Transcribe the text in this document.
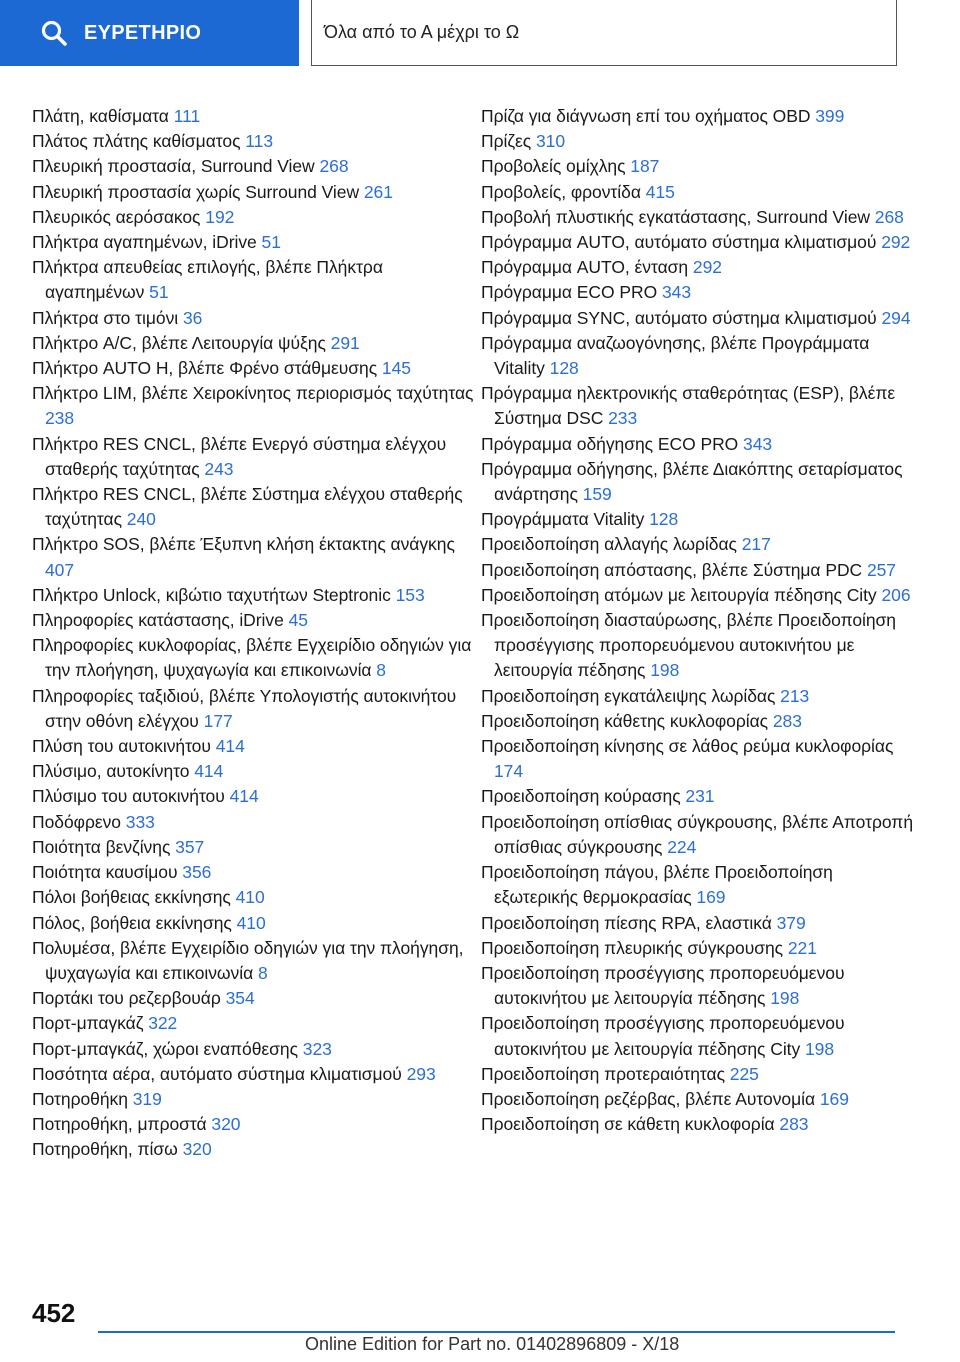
ΕΥΡΕΤΗΡΙΟ	Όλα από το Α μέχρι το Ω
Πλάτη, καθίσματα 111
Πλάτος πλάτης καθίσματος 113
Πλευρική προστασία, Surround View 268
Πλευρική προστασία χωρίς Surround View 261
Πλευρικός αερόσακος 192
Πλήκτρα αγαπημένων, iDrive 51
Πλήκτρα απευθείας επιλογής, βλέπε Πλήκτρα αγαπημένων 51
Πλήκτρα στο τιμόνι 36
Πλήκτρο A/C, βλέπε Λειτουργία ψύξης 291
Πλήκτρο AUTO H, βλέπε Φρένο στάθμευσης 145
Πλήκτρο LIM, βλέπε Χειροκίνητος περιορισμός ταχύτητας 238
Πλήκτρο RES CNCL, βλέπε Ενεργό σύστημα ελέγχου σταθερής ταχύτητας 243
Πλήκτρο RES CNCL, βλέπε Σύστημα ελέγχου σταθερής ταχύτητας 240
Πλήκτρο SOS, βλέπε Έξυπνη κλήση έκτακτης ανάγκης 407
Πλήκτρο Unlock, κιβώτιο ταχυτήτων Steptronic 153
Πληροφορίες κατάστασης, iDrive 45
Πληροφορίες κυκλοφορίας, βλέπε Εγχειρίδιο οδηγιών για την πλοήγηση, ψυχαγωγία και επικοινωνία 8
Πληροφορίες ταξιδιού, βλέπε Υπολογιστής αυτοκινήτου στην οθόνη ελέγχου 177
Πλύση του αυτοκινήτου 414
Πλύσιμο, αυτοκίνητο 414
Πλύσιμο του αυτοκινήτου 414
Ποδόφρενο 333
Ποιότητα βενζίνης 357
Ποιότητα καυσίμου 356
Πόλοι βοήθειας εκκίνησης 410
Πόλος, βοήθεια εκκίνησης 410
Πολυμέσα, βλέπε Εγχειρίδιο οδηγιών για την πλοήγηση, ψυχαγωγία και επικοινωνία 8
Πορτάκι του ρεζερβουάρ 354
Πορτ-μπαγκάζ 322
Πορτ-μπαγκάζ, χώροι εναπόθεσης 323
Ποσότητα αέρα, αυτόματο σύστημα κλιματισμού 293
Ποτηροθήκη 319
Ποτηροθήκη, μπροστά 320
Ποτηροθήκη, πίσω 320
Πρίζα για διάγνωση επί του οχήματος OBD 399
Πρίζες 310
Προβολείς ομίχλης 187
Προβολείς, φροντίδα 415
Προβολή πλυστικής εγκατάστασης, Surround View 268
Πρόγραμμα AUTO, αυτόματο σύστημα κλιματισμού 292
Πρόγραμμα AUTO, ένταση 292
Πρόγραμμα ECO PRO 343
Πρόγραμμα SYNC, αυτόματο σύστημα κλιματισμού 294
Πρόγραμμα αναζωογόνησης, βλέπε Προγράμματα Vitality 128
Πρόγραμμα ηλεκτρονικής σταθερότητας (ESP), βλέπε Σύστημα DSC 233
Πρόγραμμα οδήγησης ECO PRO 343
Πρόγραμμα οδήγησης, βλέπε Διακόπτης σεταρίσματος ανάρτησης 159
Προγράμματα Vitality 128
Προειδοποίηση αλλαγής λωρίδας 217
Προειδοποίηση απόστασης, βλέπε Σύστημα PDC 257
Προειδοποίηση ατόμων με λειτουργία πέδησης City 206
Προειδοποίηση διασταύρωσης, βλέπε Προειδοποίηση προσέγγισης προπορευόμενου αυτοκινήτου με λειτουργία πέδησης 198
Προειδοποίηση εγκατάλειψης λωρίδας 213
Προειδοποίηση κάθετης κυκλοφορίας 283
Προειδοποίηση κίνησης σε λάθος ρεύμα κυκλοφορίας 174
Προειδοποίηση κούρασης 231
Προειδοποίηση οπίσθιας σύγκρουσης, βλέπε Αποτροπή οπίσθιας σύγκρουσης 224
Προειδοποίηση πάγου, βλέπε Προειδοποίηση εξωτερικής θερμοκρασίας 169
Προειδοποίηση πίεσης RPA, ελαστικά 379
Προειδοποίηση πλευρικής σύγκρουσης 221
Προειδοποίηση προσέγγισης προπορευόμενου αυτοκινήτου με λειτουργία πέδησης 198
Προειδοποίηση προσέγγισης προπορευόμενου αυτοκινήτου με λειτουργία πέδησης City 198
Προειδοποίηση προτεραιότητας 225
Προειδοποίηση ρεζέρβας, βλέπε Αυτονομία 169
Προειδοποίηση σε κάθετη κυκλοφορία 283
452
Online Edition for Part no. 01402896809 - X/18
